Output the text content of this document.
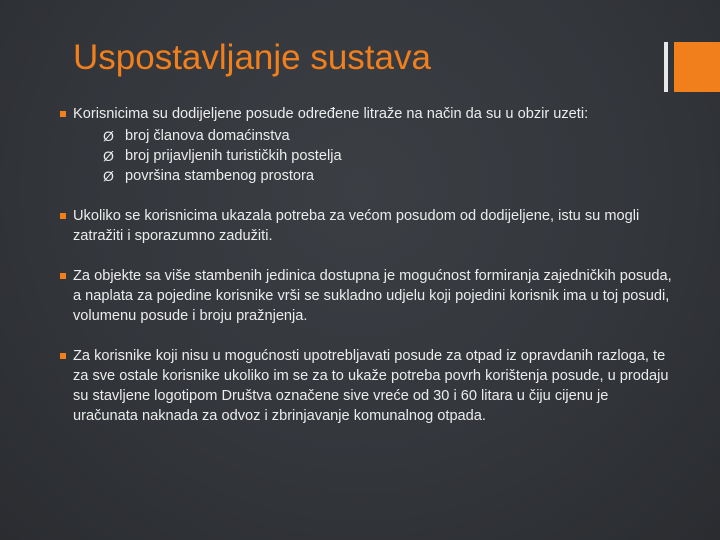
Uspostavljanje sustava
Korisnicima su dodijeljene posude određene litraže na način da su u obzir uzeti:
Ø broj članova domaćinstva
Ø broj prijavljenih turističkih postelja
Ø površina stambenog prostora
Ukoliko se korisnicima ukazala potreba za većom posudom od dodijeljene, istu su mogli zatražiti i sporazumno zadužiti.
Za objekte sa više stambenih jedinica dostupna je mogućnost formiranja zajedničkih posuda, a naplata za pojedine korisnike vrši se sukladno udjelu koji pojedini korisnik ima u toj posudi, volumenu posude i broju pražnjenja.
Za korisnike koji nisu u mogućnosti upotrebljavati posude za otpad iz opravdanih razloga, te za sve ostale korisnike ukoliko im se za to ukaže potreba povrh korištenja posude, u prodaju su stavljene logotipom Društva označene sive vreće od 30 i 60 litara u čiju cijenu je uračunata naknada za odvoz i zbrinjavanje komunalnog otpada.
